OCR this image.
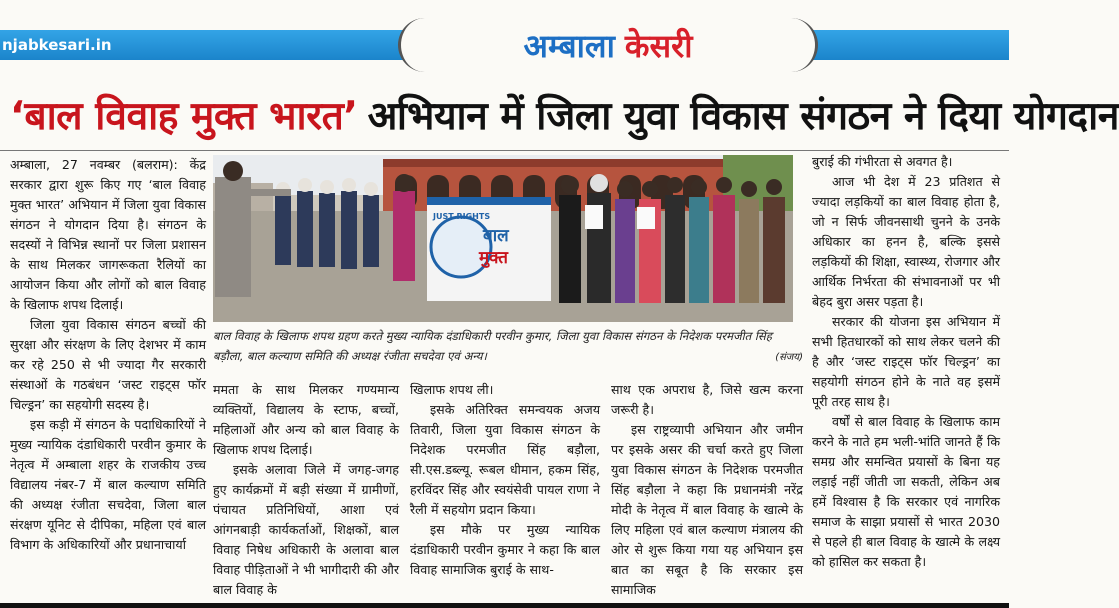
njabkesari.in	अम्बाला केसरी
‘बाल विवाह मुक्त भारत’ अभियान में जिला युवा विकास संगठन ने दिया योगदान

अम्बाला, 27 नवम्बर (बलराम): केंद्र सरकार द्वारा शुरू किए गए ‘बाल विवाह मुक्त भारत’ अभियान में जिला युवा विकास संगठन ने योगदान दिया है। संगठन के सदस्यों ने विभिन्न स्थानों पर जिला प्रशासन के साथ मिलकर जागरूकता रैलियों का आयोजन किया और लोगों को बाल विवाह के खिलाफ शपथ दिलाई।

जिला युवा विकास संगठन बच्चों की सुरक्षा और संरक्षण के लिए देशभर में काम कर रहे 250 से भी ज्यादा गैर सरकारी संस्थाओं के गठबंधन ‘जस्ट राइट्स फॉर चिल्ड्रन’ का सहयोगी सदस्य है।

इस कड़ी में संगठन के पदाधिकारियों ने मुख्य न्यायिक दंडाधिकारी परवीन कुमार के नेतृत्व में अम्बाला शहर के राजकीय उच्च विद्यालय नंबर-7 में बाल कल्याण समिति की अध्यक्ष रंजीता सचदेवा, जिला बाल संरक्षण यूनिट से दीपिका, महिला एवं बाल विभाग के अधिकारियों और प्रधानाचार्या

JUST RIGHTS
बाल
मुक्त
बाल विवाह के खिलाफ शपथ ग्रहण करते मुख्य न्यायिक दंडाधिकारी परवीन कुमार, जिला युवा विकास संगठन के निदेशक परमजीत सिंह बड़ौला, बाल कल्याण समिति की अध्यक्ष रंजीता सचदेवा एवं अन्य।	(संजय)

ममता के साथ मिलकर गण्यमान्य व्यक्तियों, विद्यालय के स्टाफ, बच्चों, महिलाओं और अन्य को बाल विवाह के खिलाफ शपथ दिलाई।

इसके अलावा जिले में जगह-जगह हुए कार्यक्रमों में बड़ी संख्या में ग्रामीणों, पंचायत प्रतिनिधियों, आशा एवं आंगनबाड़ी कार्यकर्ताओं, शिक्षकों, बाल विवाह निषेध अधिकारी के अलावा बाल विवाह पीड़िताओं ने भी भागीदारी की और बाल विवाह के

खिलाफ शपथ ली।

इसके अतिरिक्त समन्वयक अजय तिवारी, जिला युवा विकास संगठन के निदेशक परमजीत सिंह बड़ौला, सी.एस.डब्ल्यू. रूबल धीमान, हकम सिंह, हरविंदर सिंह और स्वयंसेवी पायल राणा ने रैली में सहयोग प्रदान किया।

इस मौके पर मुख्य न्यायिक दंडाधिकारी परवीन कुमार ने कहा कि बाल विवाह सामाजिक बुराई के साथ-

साथ एक अपराध है, जिसे खत्म करना जरूरी है।

इस राष्ट्रव्यापी अभियान और जमीन पर इसके असर की चर्चा करते हुए जिला युवा विकास संगठन के निदेशक परमजीत सिंह बड़ौला ने कहा कि प्रधानमंत्री नरेंद्र मोदी के नेतृत्व में बाल विवाह के खात्मे के लिए महिला एवं बाल कल्याण मंत्रालय की ओर से शुरू किया गया यह अभियान इस बात का सबूत है कि सरकार इस सामाजिक

बुराई की गंभीरता से अवगत है।

आज भी देश में 23 प्रतिशत से ज्यादा लड़कियों का बाल विवाह होता है, जो न सिर्फ जीवनसाथी चुनने के उनके अधिकार का हनन है, बल्कि इससे लड़कियों की शिक्षा, स्वास्थ्य, रोजगार और आर्थिक निर्भरता की संभावनाओं पर भी बेहद बुरा असर पड़ता है।

सरकार की योजना इस अभियान में सभी हितधारकों को साथ लेकर चलने की है और ‘जस्ट राइट्स फॉर चिल्ड्रन’ का सहयोगी संगठन होने के नाते वह इसमें पूरी तरह साथ है।

वर्षों से बाल विवाह के खिलाफ काम करने के नाते हम भली-भांति जानते हैं कि समग्र और समन्वित प्रयासों के बिना यह लड़ाई नहीं जीती जा सकती, लेकिन अब हमें विश्वास है कि सरकार एवं नागरिक समाज के साझा प्रयासों से भारत 2030 से पहले ही बाल विवाह के खात्मे के लक्ष्य को हासिल कर सकता है।
